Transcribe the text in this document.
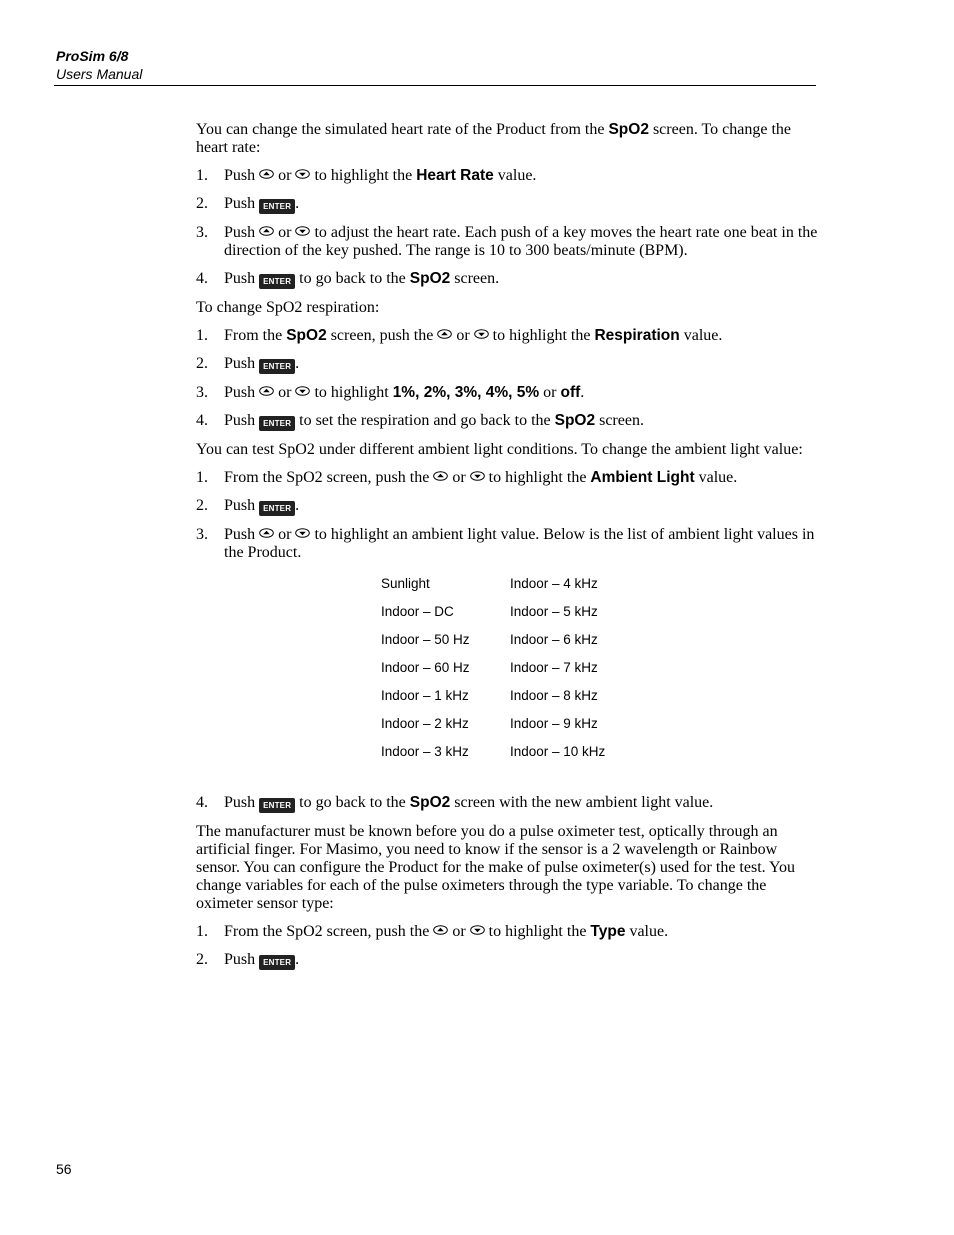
ProSim 6/8
Users Manual

You can change the simulated heart rate of the Product from the SpO2 screen. To change the heart rate:

1. Push
or
to highlight the Heart Rate value.
2. Push ENTER .
3. Push
or
to adjust the heart rate. Each push of a key moves the heart rate one beat in the direction of the key pushed. The range is 10 to 300 beats/minute (BPM).
4. Push ENTER to go back to the SpO2 screen.

To change SpO2 respiration:

1. From the SpO2 screen, push the
or
to highlight the Respiration value.
2. Push ENTER .
3. Push
or
to highlight 1%, 2%, 3%, 4%, 5% or off.
4. Push ENTER to set the respiration and go back to the SpO2 screen.

You can test SpO2 under different ambient light conditions. To change the ambient light value:

1. From the SpO2 screen, push the
or
to highlight the Ambient Light value.
2. Push ENTER .
3. Push
or
to highlight an ambient light value. Below is the list of ambient light values in the Product.
Sunlight	Indoor – 4 kHz
Indoor – DC	Indoor – 5 kHz
Indoor – 50 Hz	Indoor – 6 kHz
Indoor – 60 Hz	Indoor – 7 kHz
Indoor – 1 kHz	Indoor – 8 kHz
Indoor – 2 kHz	Indoor – 9 kHz
Indoor – 3 kHz	Indoor – 10 kHz
4. Push ENTER to go back to the SpO2 screen with the new ambient light value.

The manufacturer must be known before you do a pulse oximeter test, optically through an artificial finger. For Masimo, you need to know if the sensor is a 2 wavelength or Rainbow sensor. You can configure the Product for the make of pulse oximeter(s) used for the test. You change variables for each of the pulse oximeters through the type variable. To change the oximeter sensor type:

1. From the SpO2 screen, push the
or
to highlight the Type value.
2. Push ENTER .
56
